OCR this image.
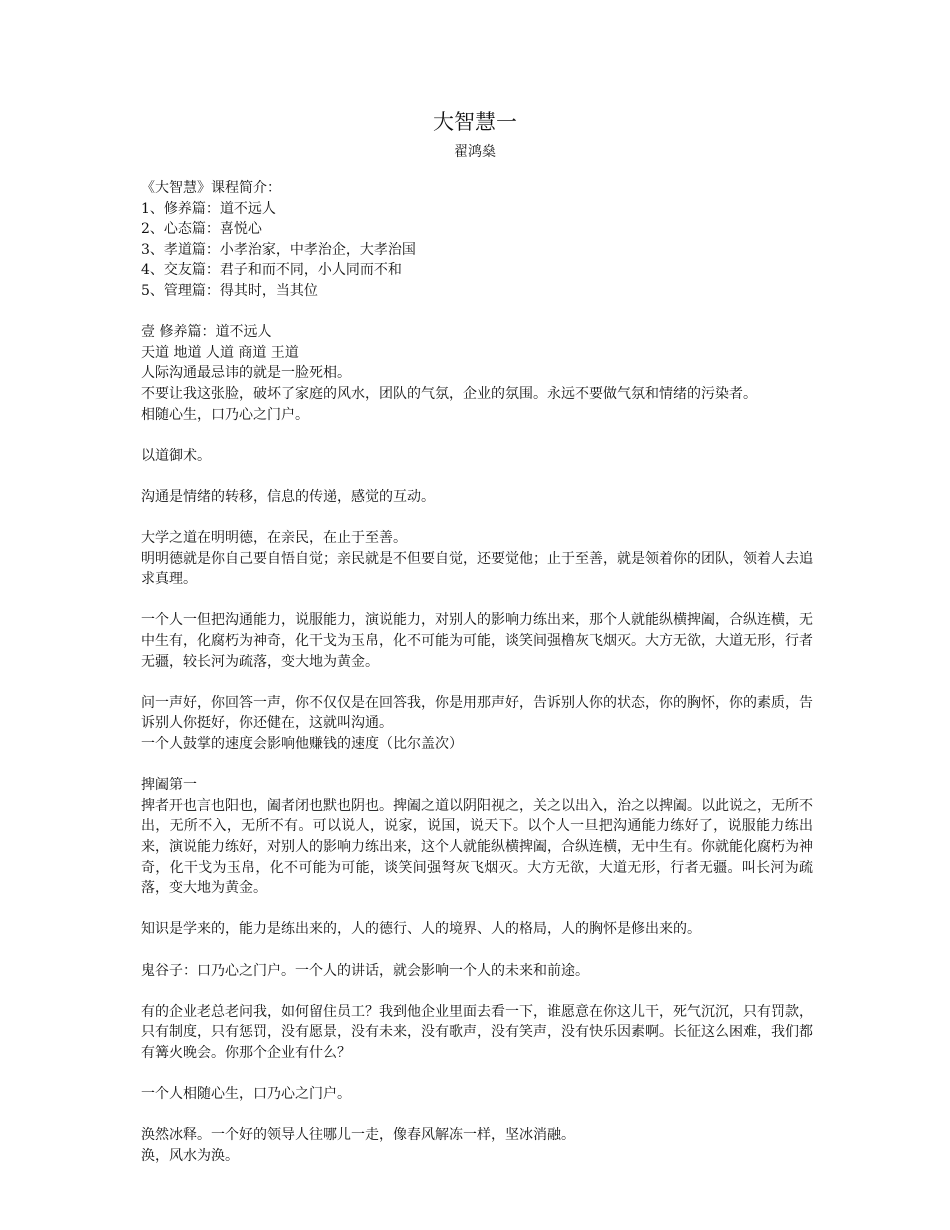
大智慧一
翟鸿燊
《大智慧》课程简介：
1、修养篇：道不远人
2、心态篇：喜悦心
3、孝道篇：小孝治家，中孝治企，大孝治国
4、交友篇：君子和而不同，小人同而不和
5、管理篇：得其时，当其位
壹 修养篇：道不远人
天道 地道 人道 商道 王道
人际沟通最忌讳的就是一脸死相。
不要让我这张脸，破坏了家庭的风水，团队的气氛，企业的氛围。永远不要做气氛和情绪的污染者。
相随心生，口乃心之门户。
以道御术。
沟通是情绪的转移，信息的传递，感觉的互动。
大学之道在明明德，在亲民，在止于至善。
明明德就是你自己要自悟自觉；亲民就是不但要自觉，还要觉他；止于至善，就是领着你的团队，领着人去追求真理。
一个人一但把沟通能力，说服能力，演说能力，对别人的影响力练出来，那个人就能纵横捭阖，合纵连横，无中生有，化腐朽为神奇，化干戈为玉帛，化不可能为可能，谈笑间强橹灰飞烟灭。大方无欲，大道无形，行者无疆，较长河为疏落，变大地为黄金。
问一声好，你回答一声，你不仅仅是在回答我，你是用那声好，告诉别人你的状态，你的胸怀，你的素质，告诉别人你挺好，你还健在，这就叫沟通。
一个人鼓掌的速度会影响他赚钱的速度（比尔盖次）
捭阖第一
捭者开也言也阳也，阖者闭也默也阴也。捭阖之道以阴阳视之，关之以出入，治之以捭阖。以此说之，无所不出，无所不入，无所不有。可以说人，说家，说国，说天下。以个人一旦把沟通能力练好了，说服能力练出来，演说能力练好，对别人的影响力练出来，这个人就能纵横捭阖，合纵连横，无中生有。你就能化腐朽为神奇，化干戈为玉帛，化不可能为可能，谈笑间强弩灰飞烟灭。大方无欲，大道无形，行者无疆。叫长河为疏落，变大地为黄金。
知识是学来的，能力是练出来的，人的德行、人的境界、人的格局，人的胸怀是修出来的。
鬼谷子：口乃心之门户。一个人的讲话，就会影响一个人的未来和前途。
有的企业老总老问我，如何留住员工？我到他企业里面去看一下，谁愿意在你这儿干，死气沉沉，只有罚款，只有制度，只有惩罚，没有愿景，没有未来，没有歌声，没有笑声，没有快乐因素啊。长征这么困难，我们都有篝火晚会。你那个企业有什么？
一个人相随心生，口乃心之门户。
涣然冰释。一个好的领导人往哪儿一走，像春风解冻一样，坚冰消融。
涣，风水为涣。
